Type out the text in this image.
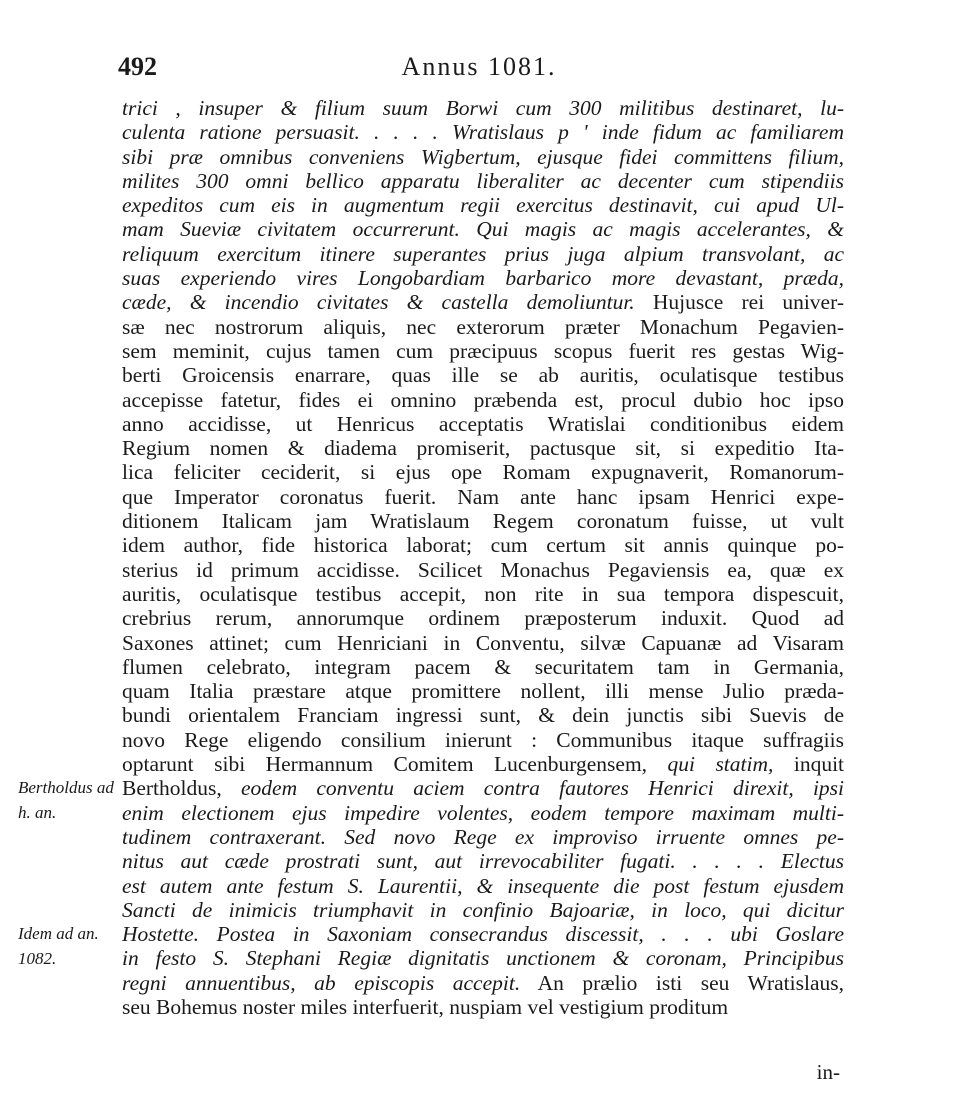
492	Annus 1081.
trici , insuper & filium suum Borwi cum 300 militibus destinaret, lu-
culenta ratione persuasit. . . . . Wratislaus p ' inde fidum ac familiarem
sibi præ omnibus conveniens Wigbertum, ejusque fidei committens filium,
milites 300 omni bellico apparatu liberaliter ac decenter cum stipendiis
expeditos cum eis in augmentum regii exercitus destinavit, cui apud Ul-
mam Sueviæ civitatem occurrerunt. Qui magis ac magis accelerantes, &
reliquum exercitum itinere superantes prius juga alpium transvolant, ac
suas experiendo vires Longobardiam barbarico more devastant, præda,
cæde, & incendio civitates & castella demoliuntur. Hujusce rei univer-
sæ nec nostrorum aliquis, nec exterorum præter Monachum Pegavien-
sem meminit, cujus tamen cum præcipuus scopus fuerit res gestas Wig-
berti Groicensis enarrare, quas ille se ab auritis, oculatisque testibus
accepisse fatetur, fides ei omnino præbenda est, procul dubio hoc ipso
anno accidisse, ut Henricus acceptatis Wratislai conditionibus eidem
Regium nomen & diadema promiserit, pactusque sit, si expeditio Ita-
lica feliciter ceciderit, si ejus ope Romam expugnaverit, Romanorum-
que Imperator coronatus fuerit. Nam ante hanc ipsam Henrici expe-
ditionem Italicam jam Wratislaum Regem coronatum fuisse, ut vult
idem author, fide historica laborat; cum certum sit annis quinque po-
sterius id primum accidisse. Scilicet Monachus Pegaviensis ea, quæ ex
auritis, oculatisque testibus accepit, non rite in sua tempora dispescuit,
crebrius rerum, annorumque ordinem præposterum induxit. Quod ad
Saxones attinet; cum Henriciani in Conventu, silvæ Capuanæ ad Visaram
flumen celebrato, integram pacem & securitatem tam in Germania,
quam Italia præstare atque promittere nollent, illi mense Julio præda-
bundi orientalem Franciam ingressi sunt, & dein junctis sibi Suevis de
novo Rege eligendo consilium inierunt : Communibus itaque suffragiis
optarunt sibi Hermannum Comitem Lucenburgensem, qui statim, inquit
Bertholdus, eodem conventu aciem contra fautores Henrici direxit, ipsi
enim electionem ejus impedire volentes, eodem tempore maximam multi-
tudinem contraxerant. Sed novo Rege ex improviso irruente omnes pe-
nitus aut cæde prostrati sunt, aut irrevocabiliter fugati. . . . . Electus
est autem ante festum S. Laurentii, & insequente die post festum ejusdem
Sancti de inimicis triumphavit in confinio Bajoariæ, in loco, qui dicitur
Hostette. Postea in Saxoniam consecrandus discessit, . . . ubi Goslare
in festo S. Stephani Regiæ dignitatis unctionem & coronam, Principibus
regni annuentibus, ab episcopis accepit. An prælio isti seu Wratislaus,
seu Bohemus noster miles interfuerit, nuspiam vel vestigium proditum
Bertholdus ad
h. an.
Idem ad an.
1082.
in-
